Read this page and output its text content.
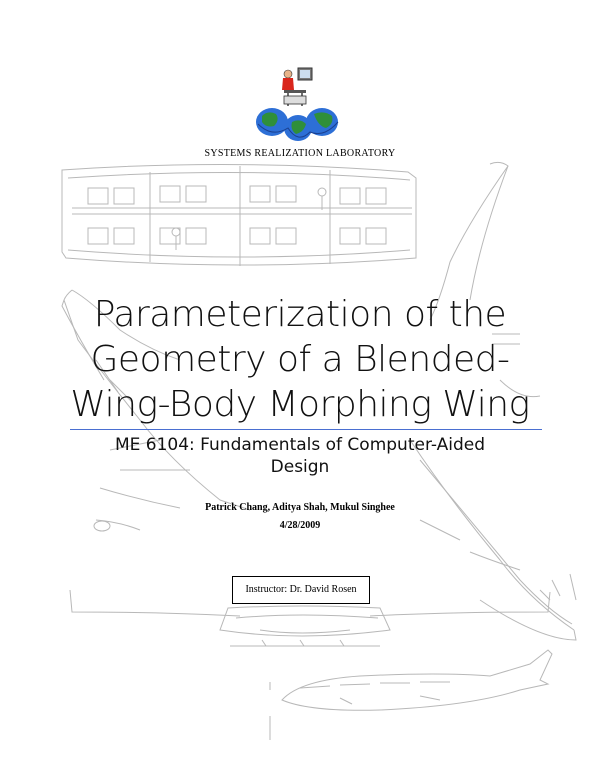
SYSTEMS REALIZATION LABORATORY
Parameterization of the
Geometry of a Blended-
Wing-Body Morphing Wing
ME 6104: Fundamentals of Computer-Aided
Design
Patrick Chang, Aditya Shah, Mukul Singhee
4/28/2009
Instructor: Dr. David Rosen
